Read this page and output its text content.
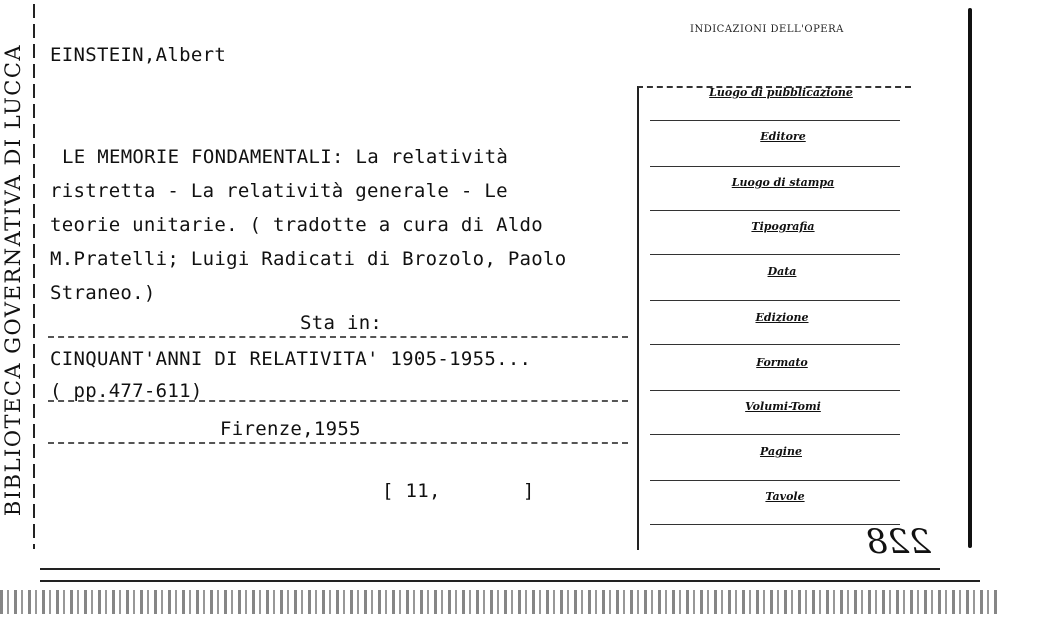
BIBLIOTECA GOVERNATIVA DI LUCCA EINSTEIN,Albert
LE MEMORIE FONDAMENTALI: La relatività
ristretta - La relatività generale - Le
teorie unitarie. ( tradotte a cura di Aldo
M.Pratelli; Luigi Radicati di Brozolo, Paolo
Straneo.)
Sta in:
CINQUANT'ANNI DI RELATIVITA' 1905-1955...
( pp.477-611)
Firenze,1955
[ 11,       ]
INDICAZIONI DELL'OPERA
Luogo di pubblicazione
Editore
Luogo di stampa
Tipografia
Data
Edizione
Formato
Volumi-Tomi
Pagine
Tavole
228
